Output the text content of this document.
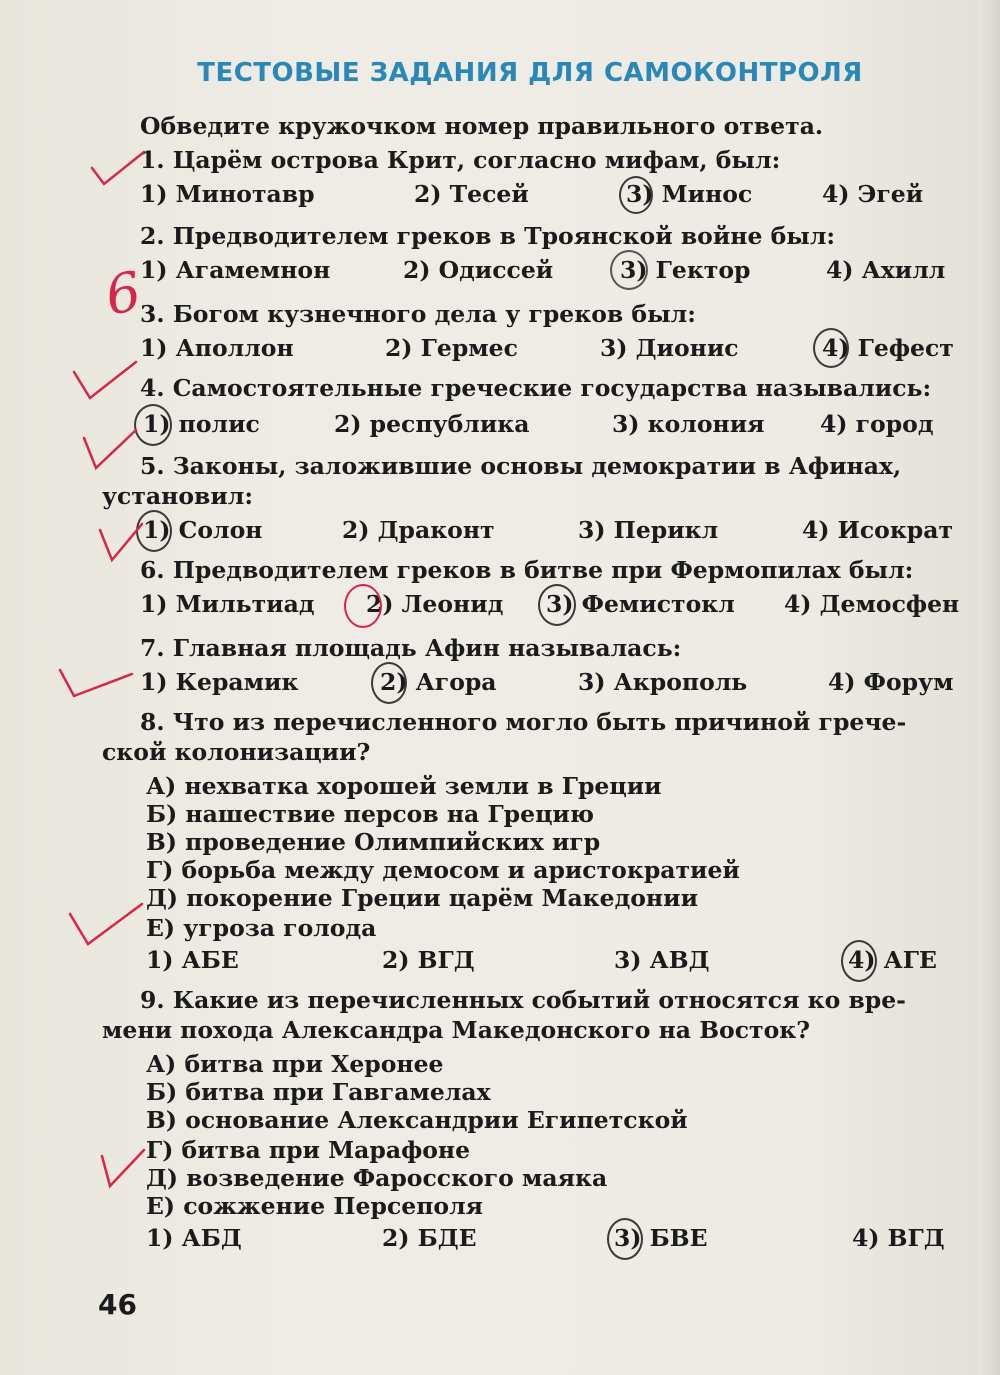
ТЕСТОВЫЕ ЗАДАНИЯ ДЛЯ САМОКОНТРОЛЯ
Обведите кружочком номер правильного ответа.
1. Царём острова Крит, согласно мифам, был:
1) Минотавр	2) Тесей	3) Минос	4) Эгей
2. Предводителем греков в Троянской войне был:
1) Агамемнон	2) Одиссей	3) Гектор	4) Ахилл
3. Богом кузнечного дела у греков был:
1) Аполлон	2) Гермес	3) Дионис	4) Гефест
4. Самостоятельные греческие государства назывались:
1) полис	2) республика	3) колония 4) город
5. Законы, заложившие основы демократии в Афинах,
установил:
1) Солон	2) Драконт	3) Перикл	4) Исократ
6. Предводителем греков в битве при Фермопилах был:
1) Мильтиад 2) Леонид 3) Фемистокл 4) Демосфен
7. Главная площадь Афин называлась:
1) Керамик	2) Агора	3) Акрополь	4) Форум
8. Что из перечисленного могло быть причиной грече-
ской колонизации?
А) нехватка хорошей земли в Греции
Б) нашествие персов на Грецию
В) проведение Олимпийских игр
Г) борьба между демосом и аристократией
Д) покорение Греции царём Македонии
Е) угроза голода
1) АБЕ	2) ВГД	3) АВД	4) АГЕ
9. Какие из перечисленных событий относятся ко вре-
мени похода Александра Македонского на Восток?
А) битва при Херонее
Б) битва при Гавгамелах
В) основание Александрии Египетской
Г) битва при Марафоне
Д) возведение Фаросского маяка
Е) сожжение Персеполя
1) АБД	2) БДЕ	3) БВЕ	4) ВГД
6
46
